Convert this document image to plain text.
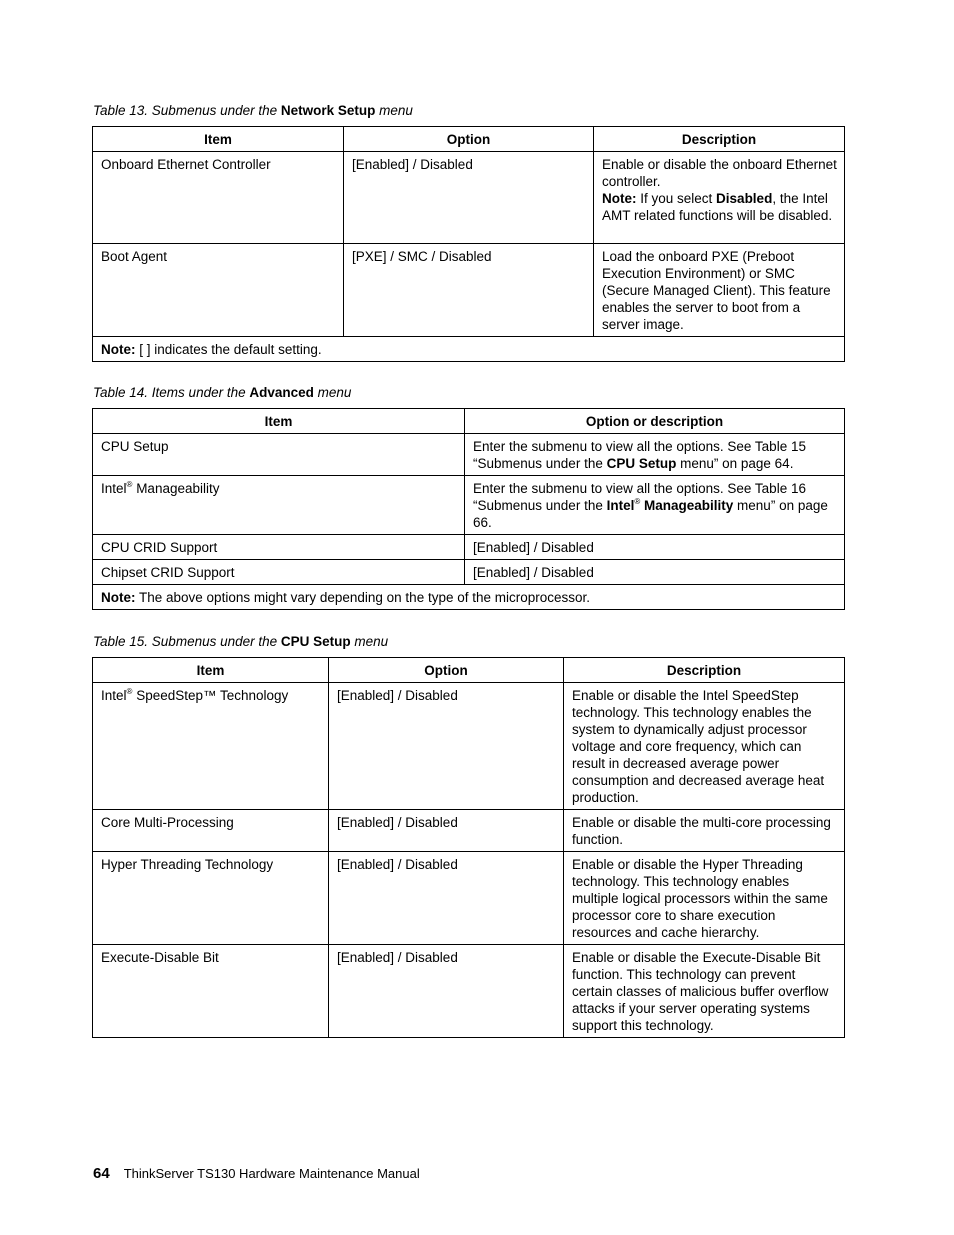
Table 13. Submenus under the Network Setup menu
Item	Option	Description
Onboard Ethernet Controller	[Enabled] / Disabled	Enable or disable the onboard Ethernet controller.
Note: If you select Disabled, the Intel AMT related functions will be disabled.
Boot Agent	[PXE] / SMC / Disabled	Load the onboard PXE (Preboot Execution Environment) or SMC (Secure Managed Client). This feature enables the server to boot from a server image.
Note: [ ] indicates the default setting.		
Table 14. Items under the Advanced menu
Item	Option or description
CPU Setup	Enter the submenu to view all the options. See Table 15 “Submenus under the CPU Setup menu” on page 64.
Intel® Manageability	Enter the submenu to view all the options. See Table 16 “Submenus under the Intel® Manageability menu” on page 66.
CPU CRID Support	[Enabled] / Disabled
Chipset CRID Support	[Enabled] / Disabled
Note: The above options might vary depending on the type of the microprocessor.	
Table 15. Submenus under the CPU Setup menu
Item	Option	Description
Intel® SpeedStep™ Technology	[Enabled] / Disabled	Enable or disable the Intel SpeedStep technology. This technology enables the system to dynamically adjust processor voltage and core frequency, which can result in decreased average power consumption and decreased average heat production.
Core Multi-Processing	[Enabled] / Disabled	Enable or disable the multi-core processing function.
Hyper Threading Technology	[Enabled] / Disabled	Enable or disable the Hyper Threading technology. This technology enables multiple logical processors within the same processor core to share execution resources and cache hierarchy.
Execute-Disable Bit	[Enabled] / Disabled	Enable or disable the Execute-Disable Bit function. This technology can prevent certain classes of malicious buffer overflow attacks if your server operating systems support this technology.
64 ThinkServer TS130 Hardware Maintenance Manual
